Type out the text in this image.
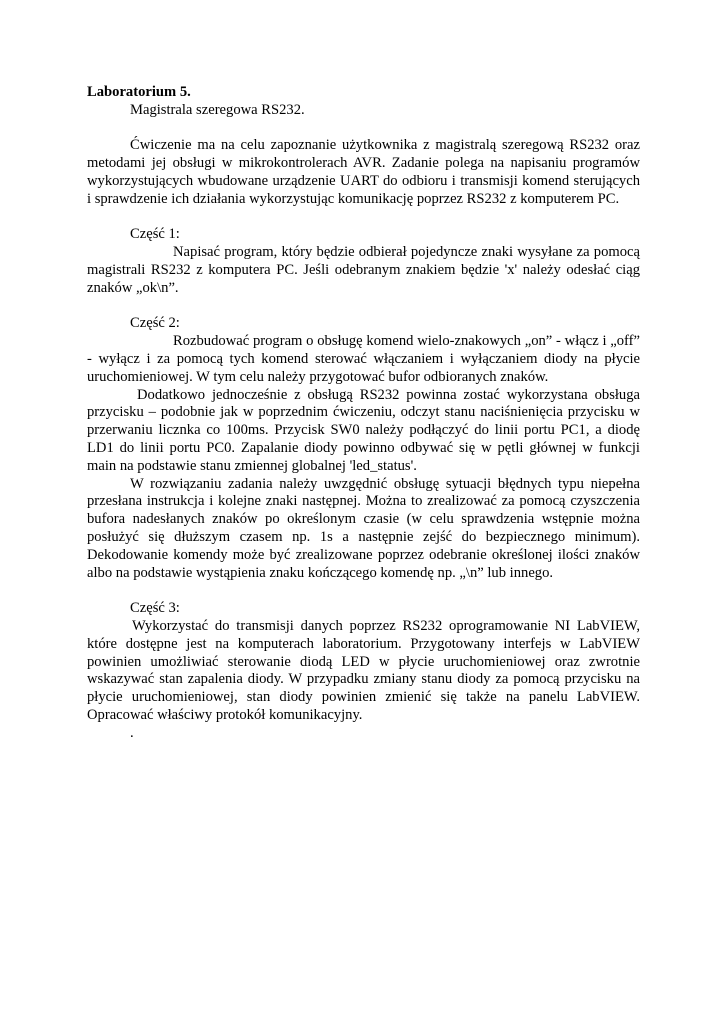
Laboratorium 5.

Magistrala szeregowa RS232.

Ćwiczenie ma na celu zapoznanie użytkownika z magistralą szeregową RS232 oraz metodami jej obsługi w mikrokontrolerach AVR. Zadanie polega na napisaniu programów wykorzystujących wbudowane urządzenie UART do odbioru i transmisji komend sterujących i sprawdzenie ich działania wykorzystując komunikację poprzez RS232 z komputerem PC.

Część 1:

Napisać program, który będzie odbierał pojedyncze znaki wysyłane za pomocą magistrali RS232 z komputera PC. Jeśli odebranym znakiem będzie 'x' należy odesłać ciąg znaków „ok\n”.

Część 2:

Rozbudować program o obsługę komend wielo-znakowych „on” - włącz i „off” - wyłącz i za pomocą tych komend sterować włączaniem i wyłączaniem diody na płycie uruchomieniowej. W tym celu należy przygotować bufor odbioranych znaków.

Dodatkowo jednocześnie z obsługą RS232 powinna zostać wykorzystana obsługa przycisku – podobnie jak w poprzednim ćwiczeniu, odczyt stanu naciśnienięcia przycisku w przerwaniu licznka co 100ms. Przycisk SW0 należy podłączyć do linii portu PC1, a diodę LD1 do linii portu PC0. Zapalanie diody powinno odbywać się w pętli głównej w funkcji main na podstawie stanu zmiennej globalnej 'led_status'.

W rozwiązaniu zadania należy uwzgędnić obsługę sytuacji błędnych typu niepełna przesłana instrukcja i kolejne znaki następnej. Można to zrealizować za pomocą czyszczenia bufora nadesłanych znaków po określonym czasie (w celu sprawdzenia wstępnie można posłużyć się dłuższym czasem np. 1s a następnie zejść do bezpiecznego minimum). Dekodowanie komendy może być zrealizowane poprzez odebranie określonej ilości znaków albo na podstawie wystąpienia znaku kończącego komendę np. „\n” lub innego.

Część 3:

Wykorzystać do transmisji danych poprzez RS232 oprogramowanie NI LabVIEW, które dostępne jest na komputerach laboratorium. Przygotowany interfejs w LabVIEW powinien umożliwiać sterowanie diodą LED w płycie uruchomieniowej oraz zwrotnie wskazywać stan zapalenia diody. W przypadku zmiany stanu diody za pomocą przycisku na płycie uruchomieniowej, stan diody powinien zmienić się także na panelu LabVIEW. Opracować właściwy protokół komunikacyjny.

.
